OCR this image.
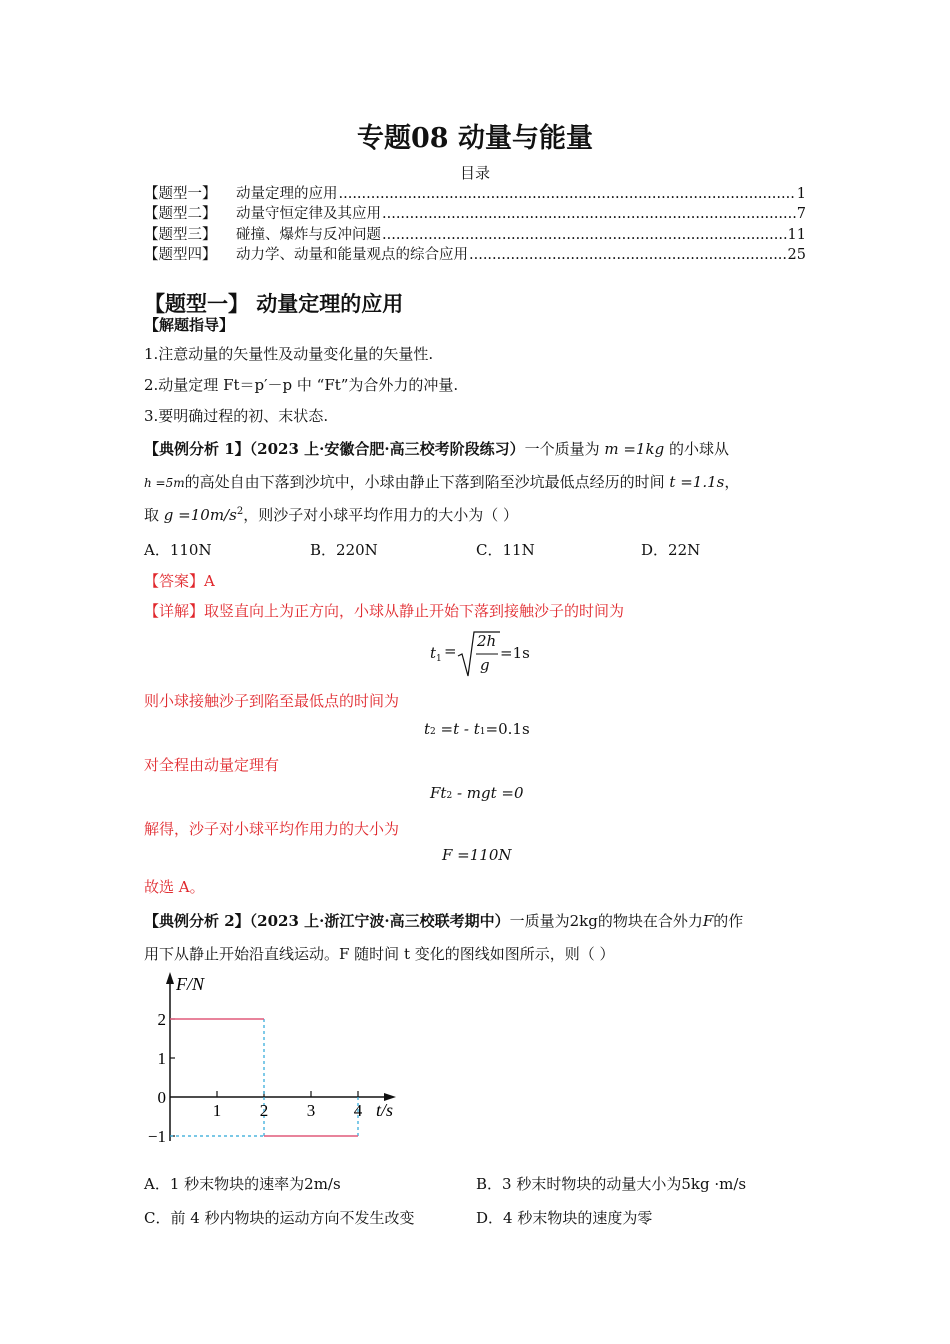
专题08 动量与能量
目录
【题型一】	动量定理的应用 .....	1
【题型二】	动量守恒定律及其应用 .....	7
【题型三】	碰撞、爆炸与反冲问题 .....	11
【题型四】	动力学、动量和能量观点的综合应用 .....	25
【题型一】 动量定理的应用
【解题指导】
1.注意动量的矢量性及动量变化量的矢量性.
2.动量定理 Ft＝p′－p 中 “Ft”为合外力的冲量.
3.要明确过程的初、末状态.
【典例分析 1】（2023 上·安徽合肥·高三校考阶段练习）一个质量为 m =1kg 的小球从
h =5m的高处自由下落到沙坑中，小球由静止下落到陷至沙坑最低点经历的时间 t =1.1s，
取 $g =10m/s^2$，则沙子对小球平均作用力的大小为（ ）
A．110N	B．220N	C．11N	D．22N
【答案】A
【详解】取竖直向上为正方向，小球从静止开始下落到接触沙子的时间为
t 1 =
2h
g
=1s
则小球接触沙子到陷至最低点的时间为
t2 =t - t1=0.1s
对全程由动量定理有
Ft2 - mgt =0
解得，沙子对小球平均作用力的大小为
F =110N
故选 A。
【典例分析 2】（2023 上·浙江宁波·高三校联考期中）一质量为2kg的物块在合外力F的作
用下从静止开始沿直线运动。F 随时间 t 变化的图线如图所示，则（ ）
1 2 3 4
2
1
0
−1
F/N
t/s
A．1 秒末物块的速率为2m/s	B．3 秒末时物块的动量大小为5kg ·m/s
C．前 4 秒内物块的运动方向不发生改变	D．4 秒末物块的速度为零
